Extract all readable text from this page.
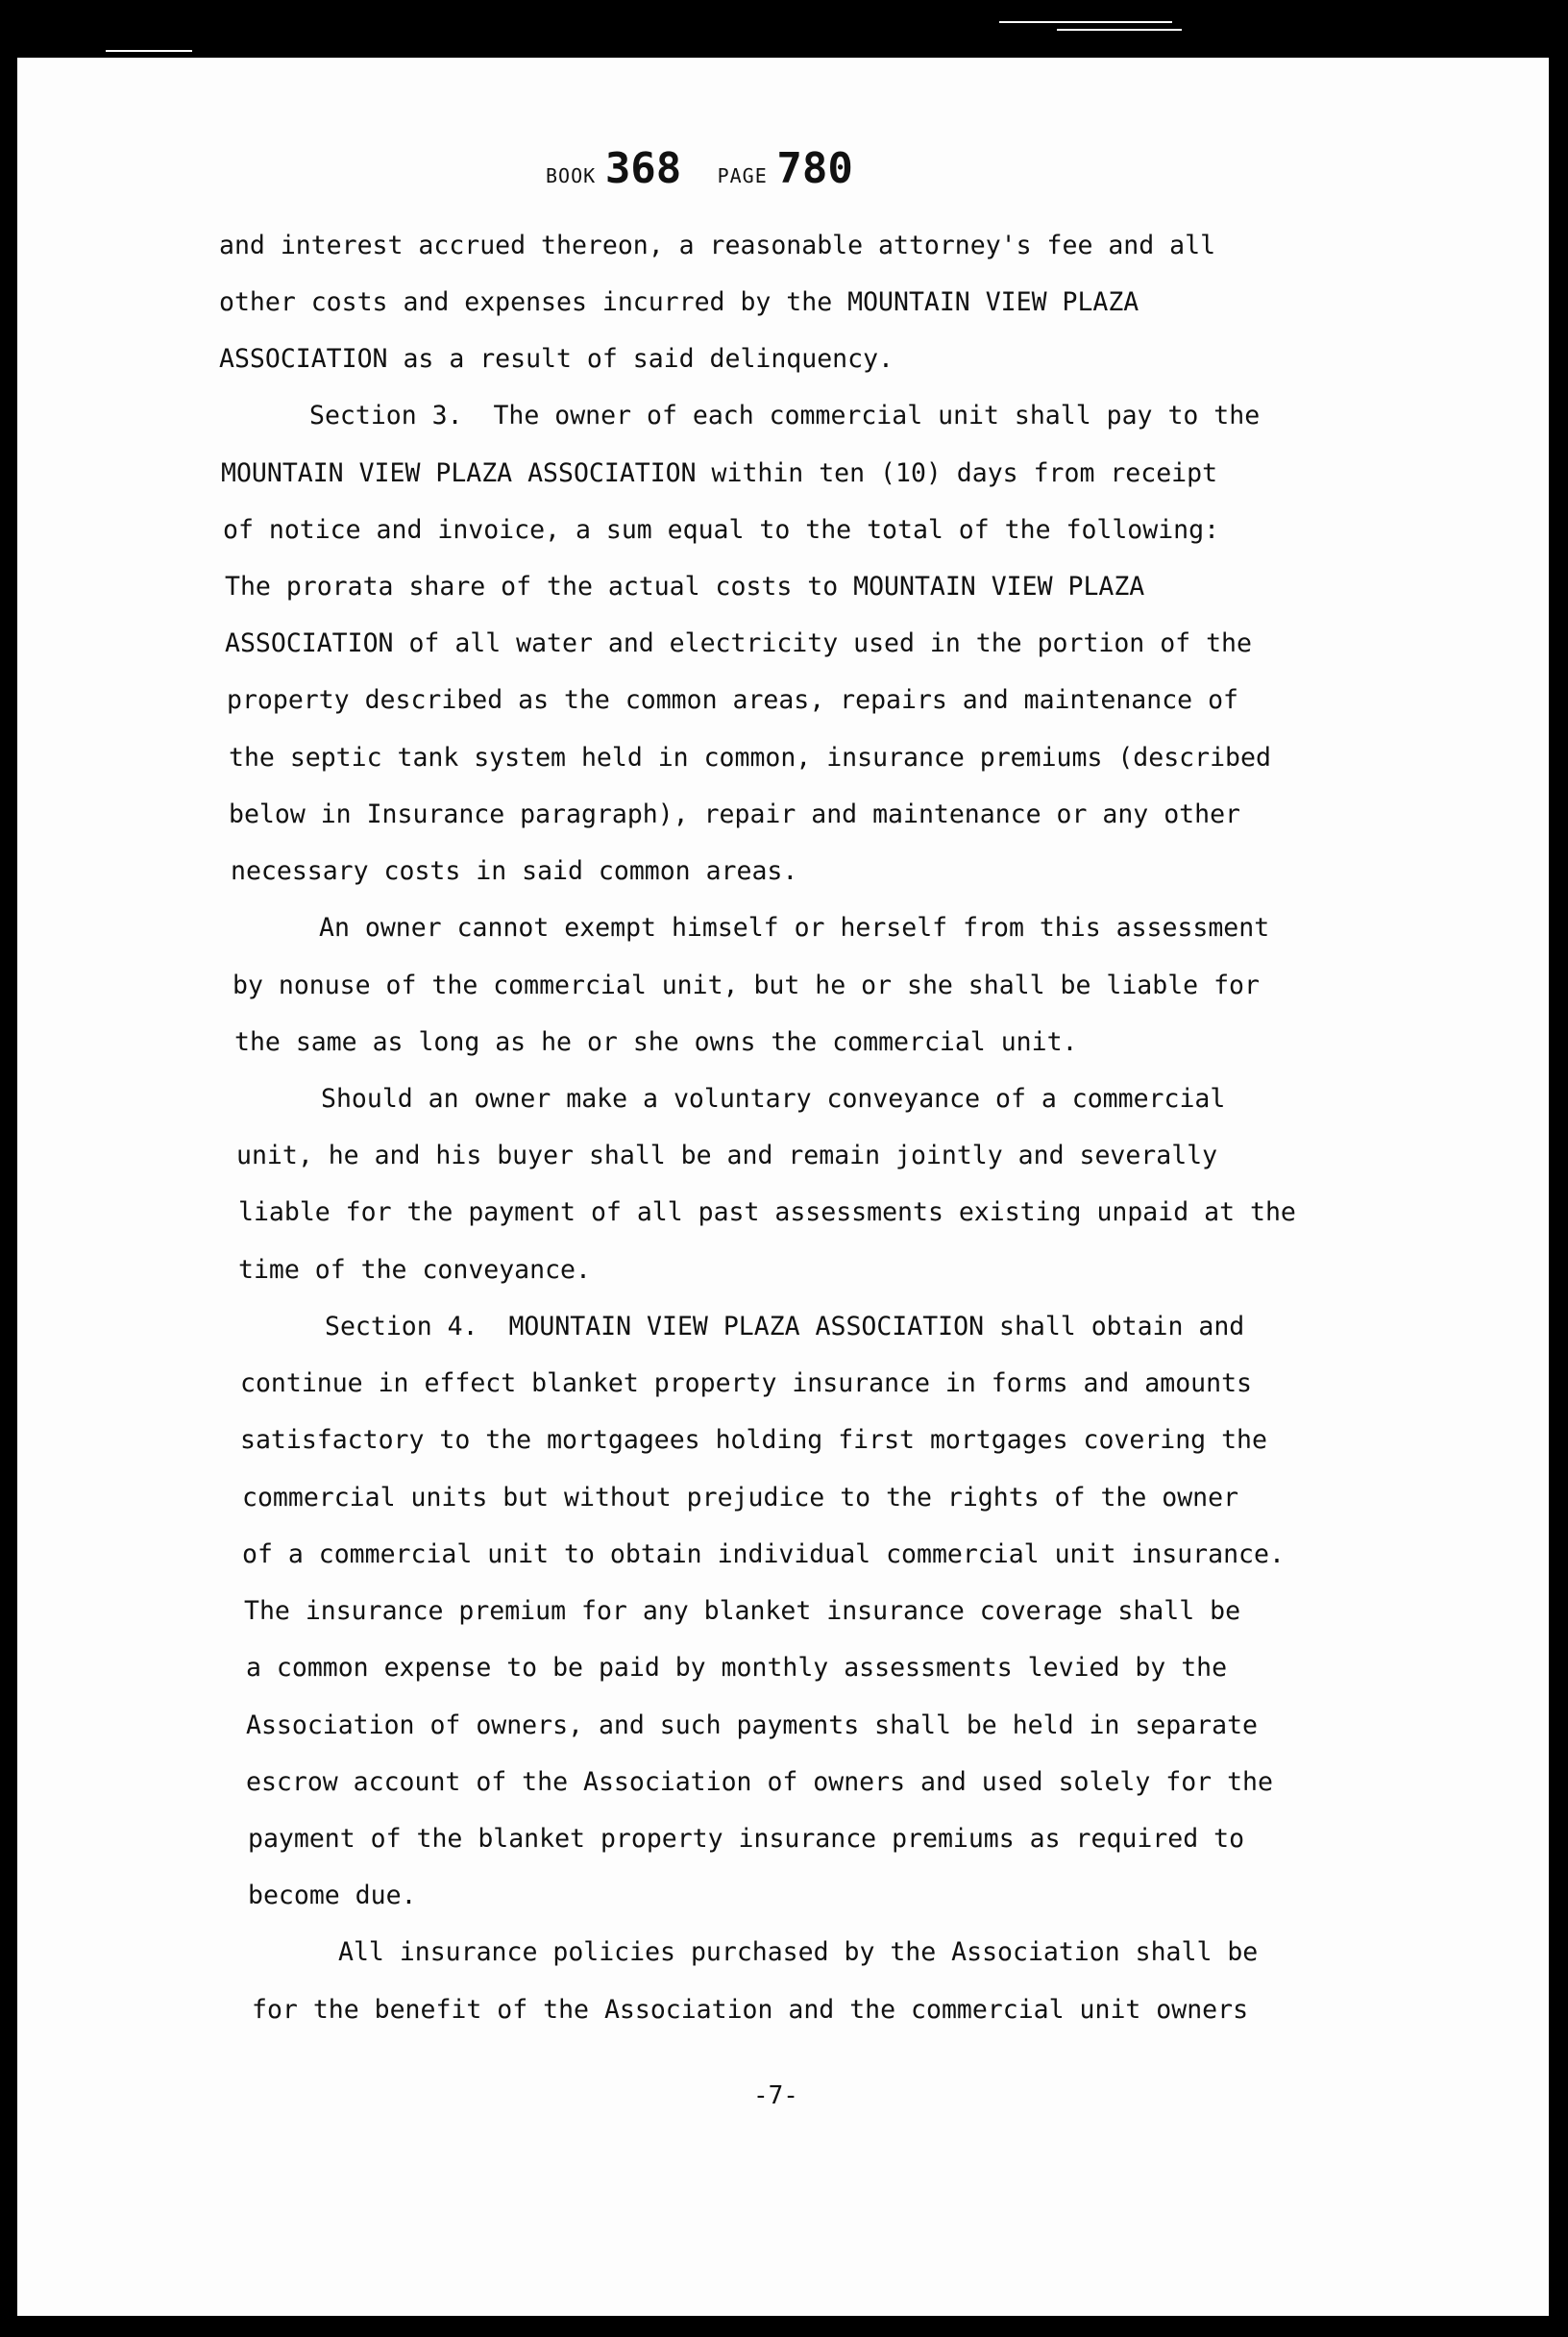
BOOK 368 PAGE 780
and interest accrued thereon, a reasonable attorney's fee and all
other costs and expenses incurred by the MOUNTAIN VIEW PLAZA
ASSOCIATION as a result of said delinquency.
Section 3.  The owner of each commercial unit shall pay to the
MOUNTAIN VIEW PLAZA ASSOCIATION within ten (10) days from receipt
of notice and invoice, a sum equal to the total of the following:
The prorata share of the actual costs to MOUNTAIN VIEW PLAZA
ASSOCIATION of all water and electricity used in the portion of the
property described as the common areas, repairs and maintenance of
the septic tank system held in common, insurance premiums (described
below in Insurance paragraph), repair and maintenance or any other
necessary costs in said common areas.
An owner cannot exempt himself or herself from this assessment
by nonuse of the commercial unit, but he or she shall be liable for
the same as long as he or she owns the commercial unit.
Should an owner make a voluntary conveyance of a commercial
unit, he and his buyer shall be and remain jointly and severally
liable for the payment of all past assessments existing unpaid at the
time of the conveyance.
Section 4.  MOUNTAIN VIEW PLAZA ASSOCIATION shall obtain and
continue in effect blanket property insurance in forms and amounts
satisfactory to the mortgagees holding first mortgages covering the
commercial units but without prejudice to the rights of the owner
of a commercial unit to obtain individual commercial unit insurance.
The insurance premium for any blanket insurance coverage shall be
a common expense to be paid by monthly assessments levied by the
Association of owners, and such payments shall be held in separate
escrow account of the Association of owners and used solely for the
payment of the blanket property insurance premiums as required to
become due.
All insurance policies purchased by the Association shall be
for the benefit of the Association and the commercial unit owners
-7-
